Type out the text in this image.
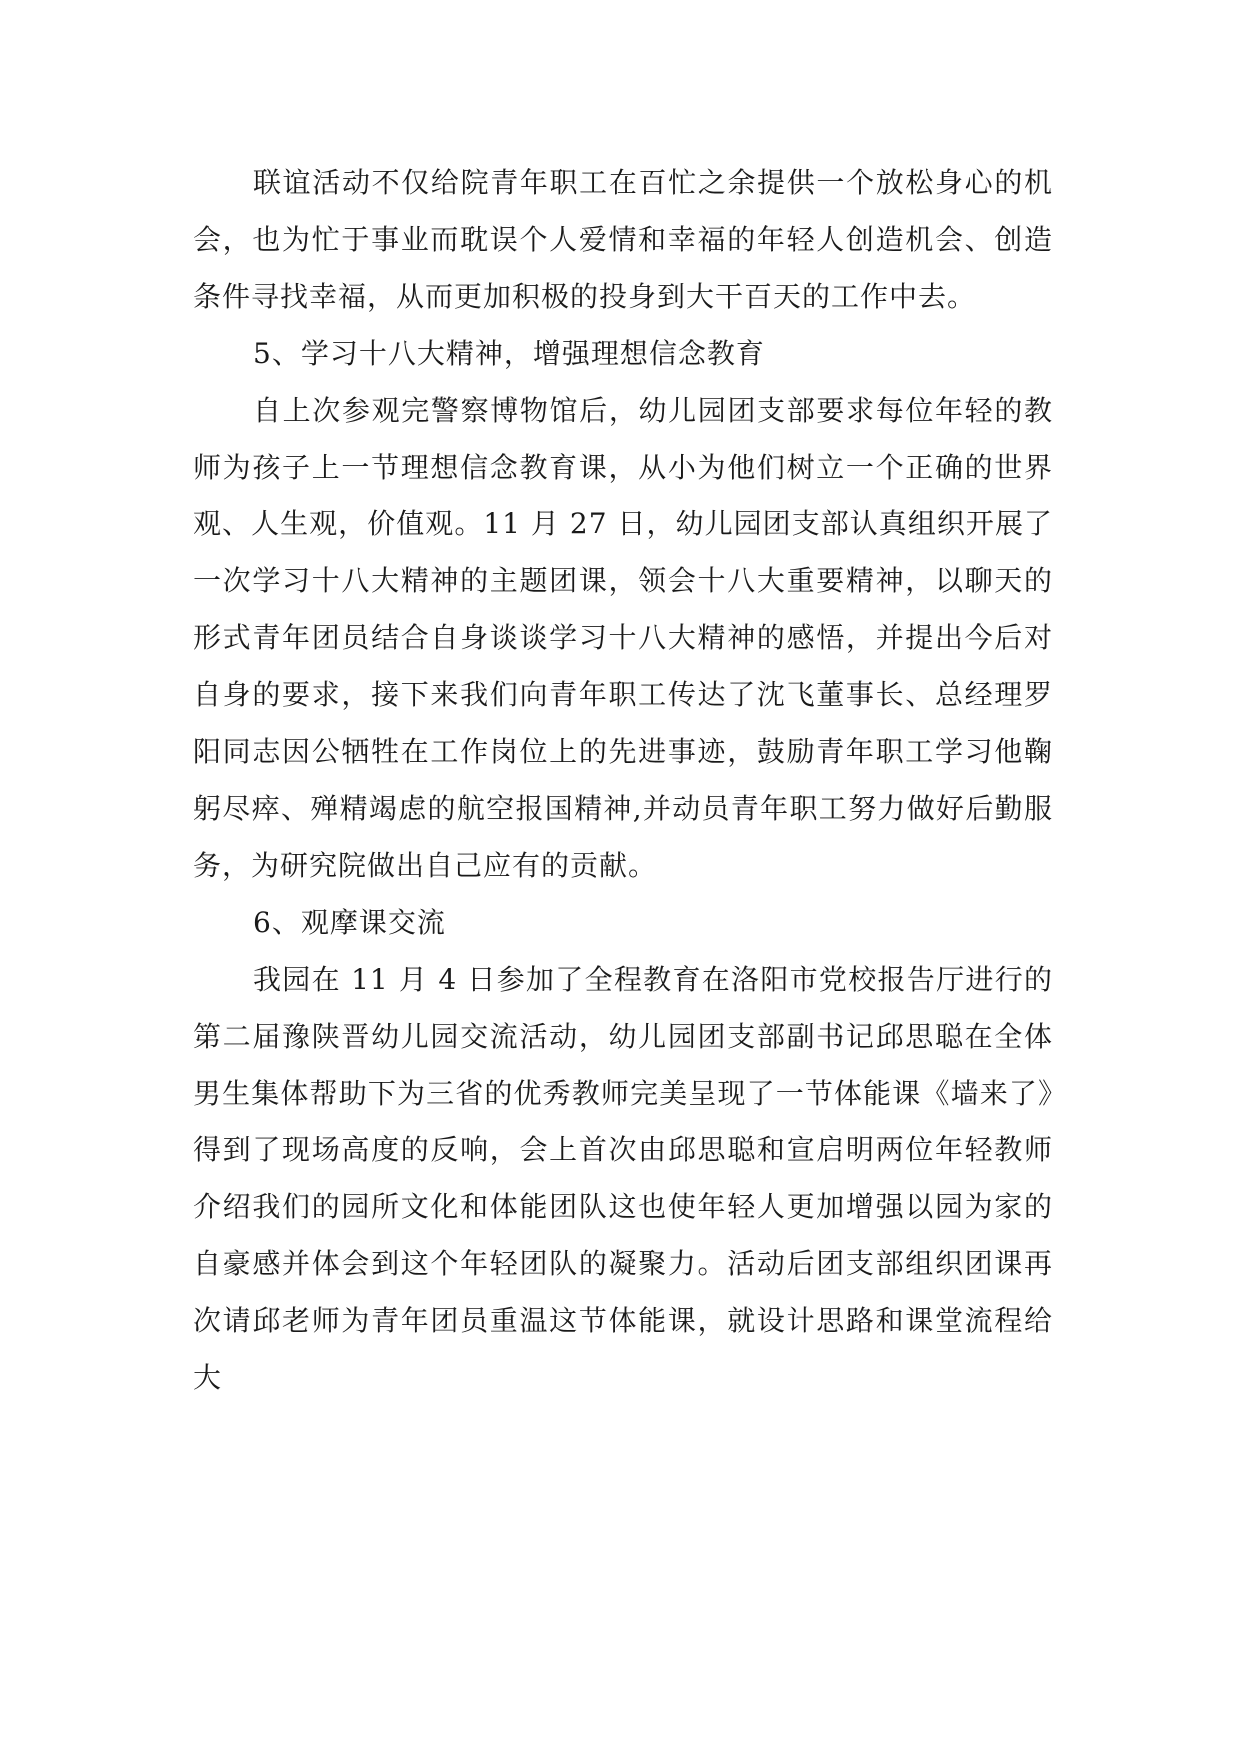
联谊活动不仅给院青年职工在百忙之余提供一个放松身心的机会，也为忙于事业而耽误个人爱情和幸福的年轻人创造机会、创造条件寻找幸福，从而更加积极的投身到大干百天的工作中去。

5、学习十八大精神，增强理想信念教育

自上次参观完警察博物馆后，幼儿园团支部要求每位年轻的教师为孩子上一节理想信念教育课，从小为他们树立一个正确的世界观、人生观，价值观。11 月 27 日，幼儿园团支部认真组织开展了一次学习十八大精神的主题团课，领会十八大重要精神，以聊天的形式青年团员结合自身谈谈学习十八大精神的感悟，并提出今后对自身的要求，接下来我们向青年职工传达了沈飞董事长、总经理罗阳同志因公牺牲在工作岗位上的先进事迹，鼓励青年职工学习他鞠躬尽瘁、殚精竭虑的航空报国精神,并动员青年职工努力做好后勤服务，为研究院做出自己应有的贡献。

6、观摩课交流

我园在 11 月 4 日参加了全程教育在洛阳市党校报告厅进行的第二届豫陕晋幼儿园交流活动，幼儿园团支部副书记邱思聪在全体男生集体帮助下为三省的优秀教师完美呈现了一节体能课《墙来了》得到了现场高度的反响，会上首次由邱思聪和宣启明两位年轻教师介绍我们的园所文化和体能团队这也使年轻人更加增强以园为家的自豪感并体会到这个年轻团队的凝聚力。活动后团支部组织团课再次请邱老师为青年团员重温这节体能课，就设计思路和课堂流程给大
